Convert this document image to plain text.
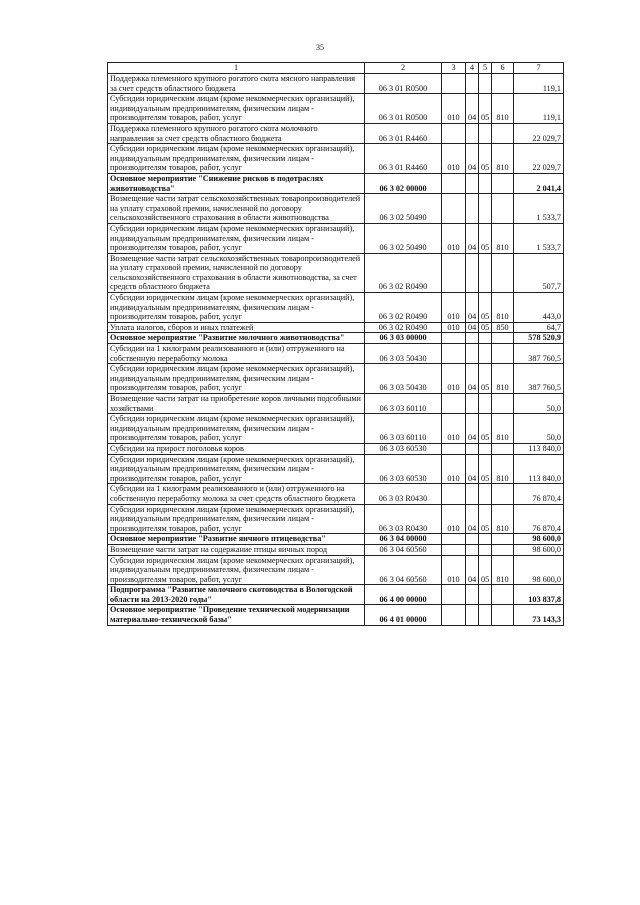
35
1	2	3	4	5	6	7
Поддержка племенного крупного рогатого скота мясного направления за счет средств областного бюджета	06 3 01 R0500					119,1
Субсидии юридическим лицам (кроме некоммерческих организаций), индивидуальным предпринимателям, физическим лицам - производителям товаров, работ, услуг	06 3 01 R0500	010	04	05	810	119,1
Поддержка племенного крупного рогатого скота молочного направления за счет средств областного бюджета	06 3 01 R4460					22 029,7
Субсидии юридическим лицам (кроме некоммерческих организаций), индивидуальным предпринимателям, физическим лицам - производителям товаров, работ, услуг	06 3 01 R4460	010	04	05	810	22 029,7
Основное мероприятие "Снижение рисков в подотраслях животноводства"	06 3 02 00000					2 041,4
Возмещение части затрат сельскохозяйственных товаропроизводителей на уплату страховой премии, начисленной по договору сельскохозяйственного страхования в области животноводства	06 3 02 50490					1 533,7
Субсидии юридическим лицам (кроме некоммерческих организаций), индивидуальным предпринимателям, физическим лицам - производителям товаров, работ, услуг	06 3 02 50490	010	04	05	810	1 533,7
Возмещение части затрат сельскохозяйственных товаропроизводителей на уплату страховой премии, начисленной по договору сельскохозяйственного страхования в области животноводства, за счет средств областного бюджета	06 3 02 R0490					507,7
Субсидии юридическим лицам (кроме некоммерческих организаций), индивидуальным предпринимателям, физическим лицам - производителям товаров, работ, услуг	06 3 02 R0490	010	04	05	810	443,0
Уплата налогов, сборов и иных платежей	06 3 02 R0490	010	04	05	850	64,7
Основное мероприятие "Развитие молочного животноводства"	06 3 03 00000					578 520,9
Субсидии на 1 килограмм реализованного и (или) отгруженного на собственную переработку молока	06 3 03 50430					387 760,5
Субсидии юридическим лицам (кроме некоммерческих организаций), индивидуальным предпринимателям, физическим лицам - производителям товаров, работ, услуг	06 3 03 50430	010	04	05	810	387 760,5
Возмещение части затрат на приобретение коров личными подсобными хозяйствами	06 3 03 60110					50,0
Субсидии юридическим лицам (кроме некоммерческих организаций), индивидуальным предпринимателям, физическим лицам - производителям товаров, работ, услуг	06 3 03 60110	010	04	05	810	50,0
Субсидии на прирост поголовья коров	06 3 03 60530					113 840,0
Субсидии юридическим лицам (кроме некоммерческих организаций), индивидуальным предпринимателям, физическим лицам - производителям товаров, работ, услуг	06 3 03 60530	010	04	05	810	113 840,0
Субсидии на 1 килограмм реализованного и (или) отгруженного на собственную переработку молока за счет средств областного бюджета	06 3 03 R0430					76 870,4
Субсидии юридическим лицам (кроме некоммерческих организаций), индивидуальным предпринимателям, физическим лицам - производителям товаров, работ, услуг	06 3 03 R0430	010	04	05	810	76 870,4
Основное мероприятие "Развитие яичного птицеводства"	06 3 04 00000					98 600,0
Возмещение части затрат на содержание птицы яичных пород	06 3 04 60560					98 600,0
Субсидии юридическим лицам (кроме некоммерческих организаций), индивидуальным предпринимателям, физическим лицам - производителям товаров, работ, услуг	06 3 04 60560	010	04	05	810	98 600,0
Подпрограмма "Развитие молочного скотоводства в Вологодской области на 2013-2020 годы"	06 4 00 00000					103 837,8
Основное мероприятие "Проведение технической модернизации материально-технической базы"	06 4 01 00000					73 143,3
